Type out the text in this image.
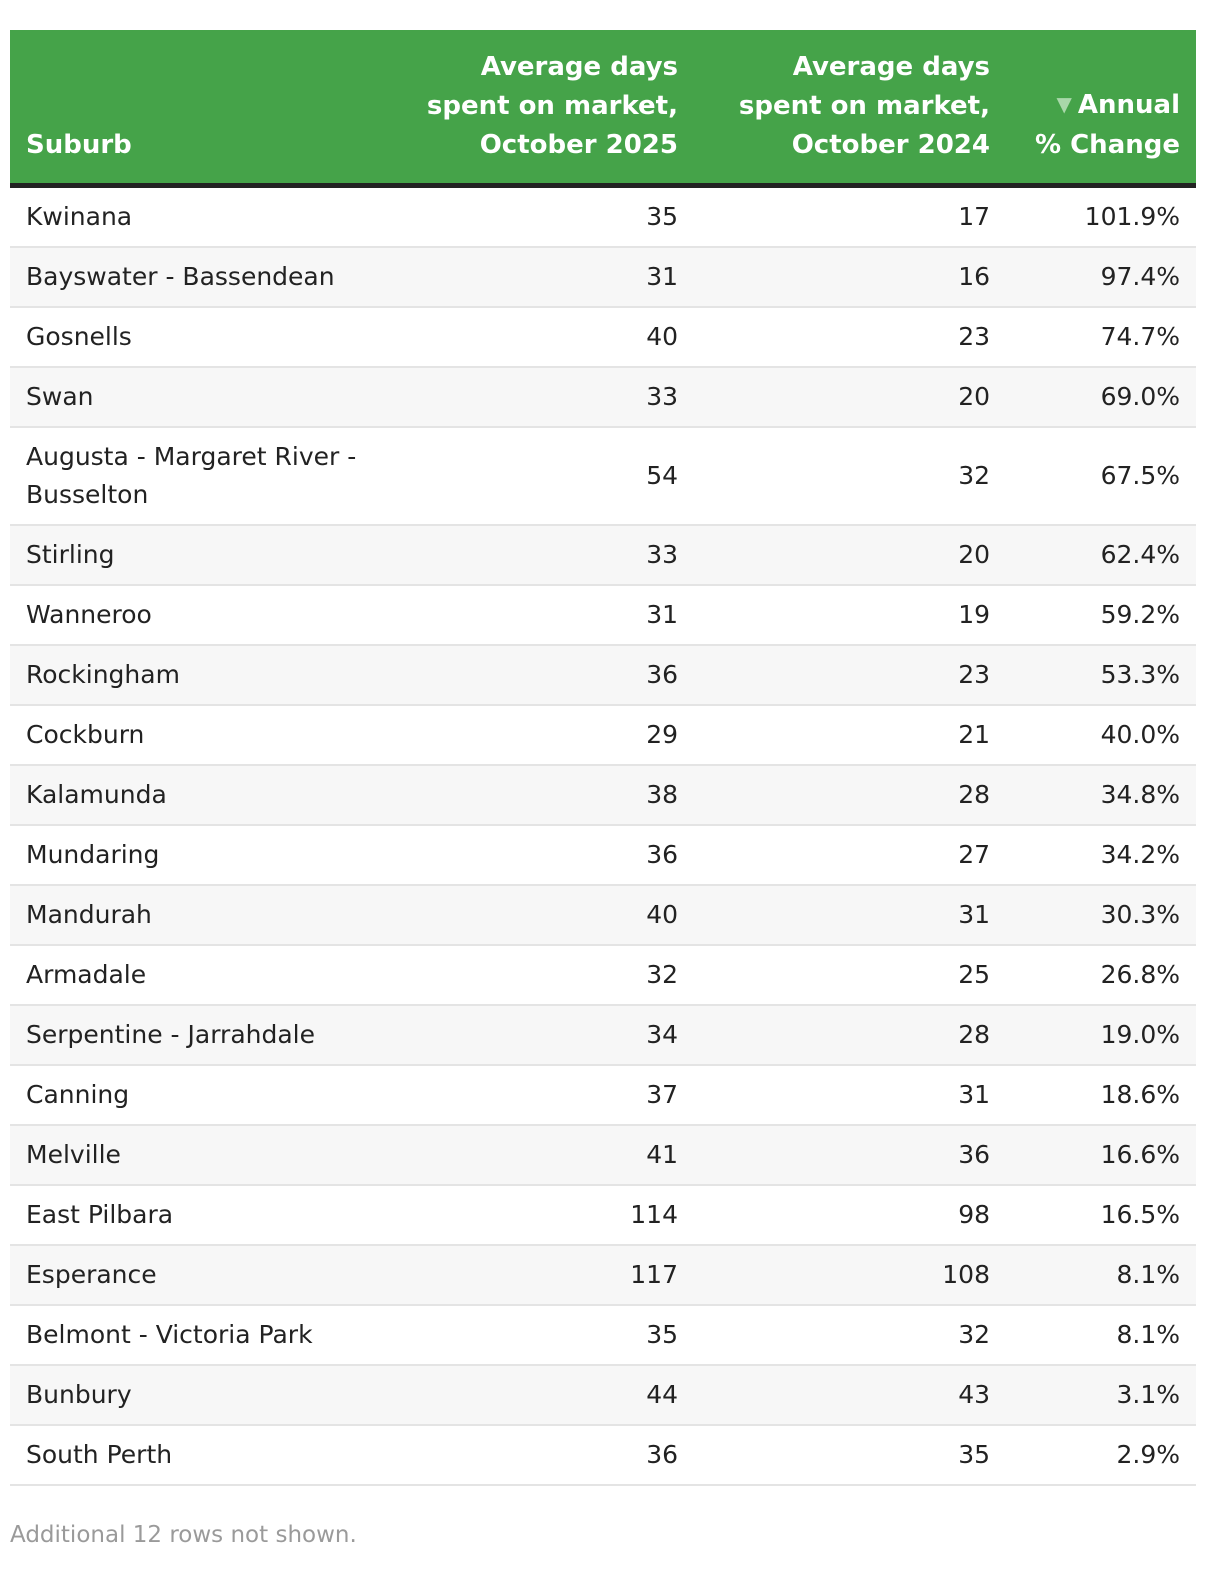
Suburb	Average days spent on market, October 2025	Average days spent on market, October 2024	▼ Annual % Change
Kwinana	35	17	101.9%
Bayswater - Bassendean	31	16	97.4%
Gosnells	40	23	74.7%
Swan	33	20	69.0%
Augusta - Margaret River - Busselton	54	32	67.5%
Stirling	33	20	62.4%
Wanneroo	31	19	59.2%
Rockingham	36	23	53.3%
Cockburn	29	21	40.0%
Kalamunda	38	28	34.8%
Mundaring	36	27	34.2%
Mandurah	40	31	30.3%
Armadale	32	25	26.8%
Serpentine - Jarrahdale	34	28	19.0%
Canning	37	31	18.6%
Melville	41	36	16.6%
East Pilbara	114	98	16.5%
Esperance	117	108	8.1%
Belmont - Victoria Park	35	32	8.1%
Bunbury	44	43	3.1%
South Perth	36	35	2.9%
Additional 12 rows not shown.
